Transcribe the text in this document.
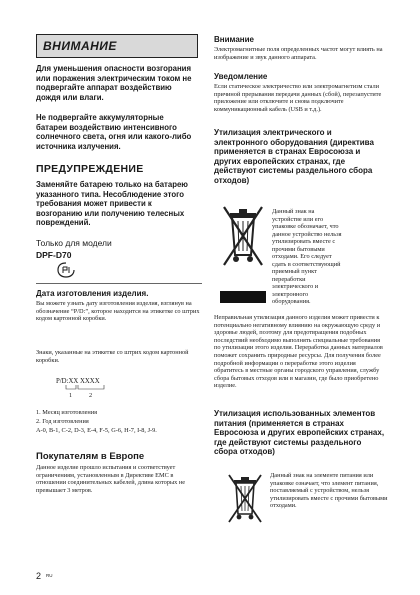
ВНИМАНИЕ

Для уменьшения опасности возгорания или поражения электрическим током не подвергайте аппарат воздействию дождя или влаги.

Не подвергайте аккумуляторные батареи воздействию интенсивного солнечного света, огня или какого-либо источника излучения.

ПРЕДУПРЕЖДЕНИЕ

Заменяйте батарею только на батарею указанного типа. Несоблюдение этого требования может привести к возгоранию или получению телесных повреждений.

Только для модели

DPF-D70

Дата изготовления изделия.

Вы можете узнать дату изготовления изделия, взглянув на обозначение “P/D:”, которое находится на этикетке со штрих кодом картонной коробки.

Знаки, указанные на этикетке со штрих кодом картонной коробки.

P/D:XX XXXX

1	2

1. Месяц изготовления

2. Год изготовления

A-0, B-1, C-2, D-3, E-4, F-5, G-6, H-7, I-8, J-9.

Покупателям в Европе

Данное изделие прошло испытания и соответствует ограничениям, установленным в Директиве ЕМС в отношении соединительных кабелей, длина которых не превышает 3 метров.

2 RU

Внимание

Электромагнитные поля определенных частот могут влиять на изображение и звук данного аппарата.

Уведомление

Если статическое электричество или электромагнетизм стали причиной прерывания передачи данных (сбой), перезапустите приложение или отключите и снова подключите коммуникационный кабель (USB и т.д.).

Утилизация электрического и электронного оборудования (директива применяется в странах Евросоюза и других европейских странах, где действуют системы раздельного сбора отходов)

Данный знак на устройстве или его упаковке обозначает, что данное устройство нельзя утилизировать вместе с прочими бытовыми отходами. Его следует сдать в соответствующий приемный пункт переработки электрического и электронного оборудования.

Неправильная утилизация данного изделия может привести к потенциально негативному влиянию на окружающую среду и здоровье людей, поэтому для предотвращения подобных последствий необходимо выполнять специальные требования по утилизации этого изделия. Переработка данных материалов поможет сохранить природные ресурсы. Для получения более подробной информации о переработке этого изделия обратитесь в местные органы городского управления, службу сбора бытовых отходов или в магазин, где было приобретено изделие.

Утилизация использованных элементов питания (применяется в странах Евросоюза и других европейских странах, где действуют системы раздельного сбора отходов)

Данный знак на элементе питания или упаковке означает, что элемент питания, поставляемый с устройством, нельзя утилизировать вместе с прочими бытовыми отходами.
